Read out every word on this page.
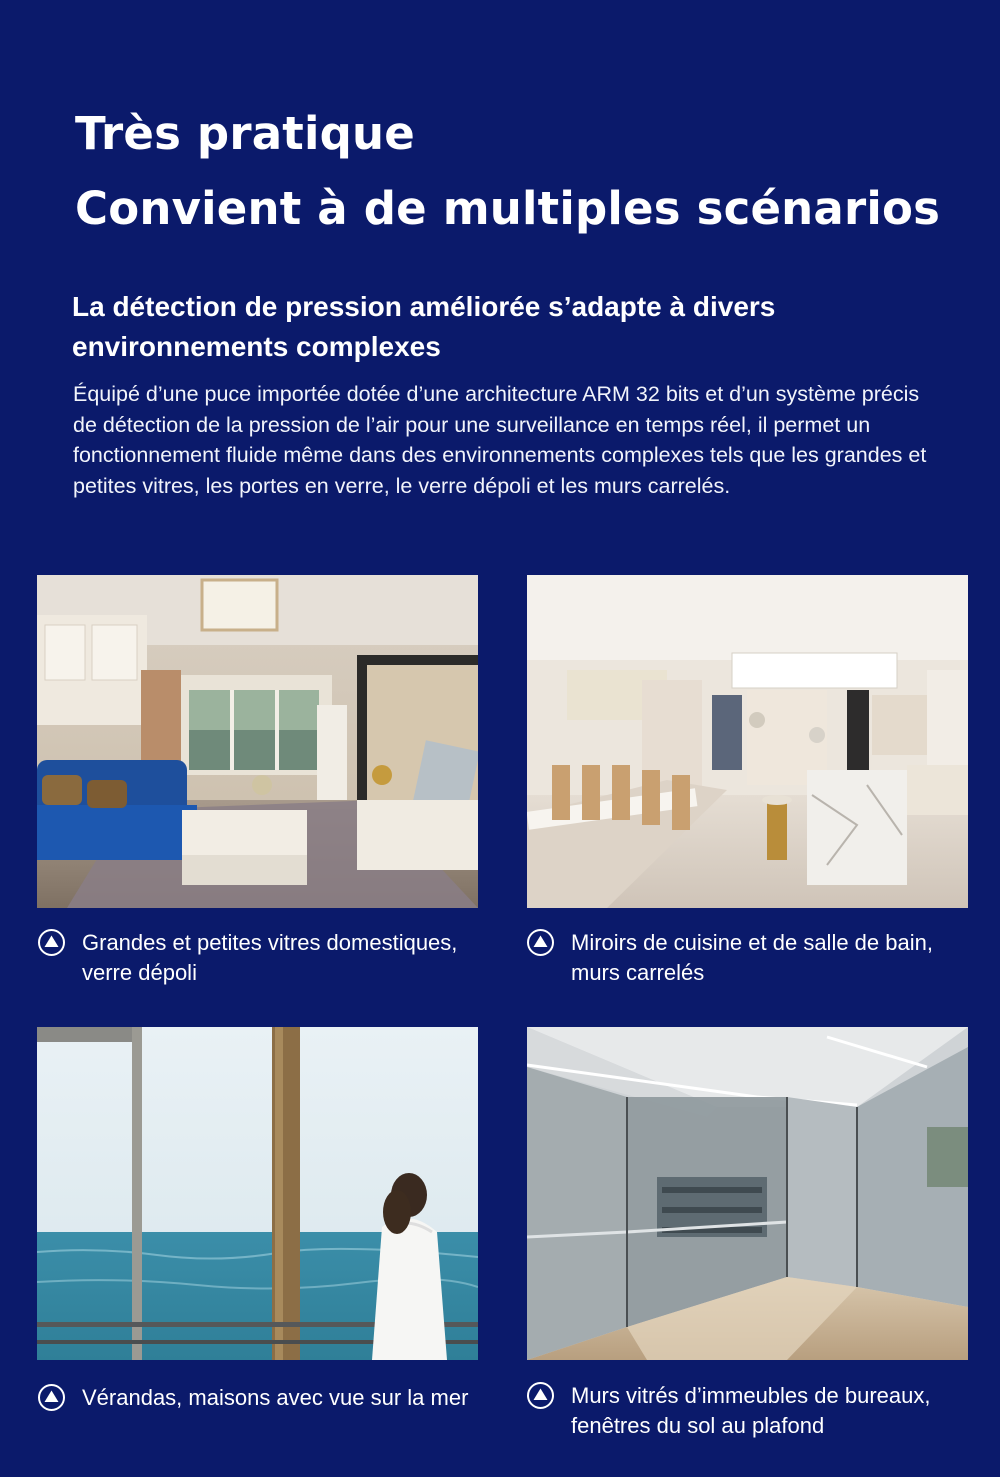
Très pratique
Convient à de multiples scénarios
La détection de pression améliorée s’adapte à divers environnements complexes

Équipé d’une puce importée dotée d’une architecture ARM 32 bits et d’un système précis de détection de la pression de l’air pour une surveillance en temps réel, il permet un fonctionnement fluide même dans des environnements complexes tels que les grandes et petites vitres, les portes en verre, le verre dépoli et les murs carrelés.

Grandes et petites vitres domestiques, verre dépoli
Miroirs de cuisine et de salle de bain, murs carrelés
Vérandas, maisons avec vue sur la mer	Murs vitrés d’immeubles de bureaux, fenêtres du sol au plafond
